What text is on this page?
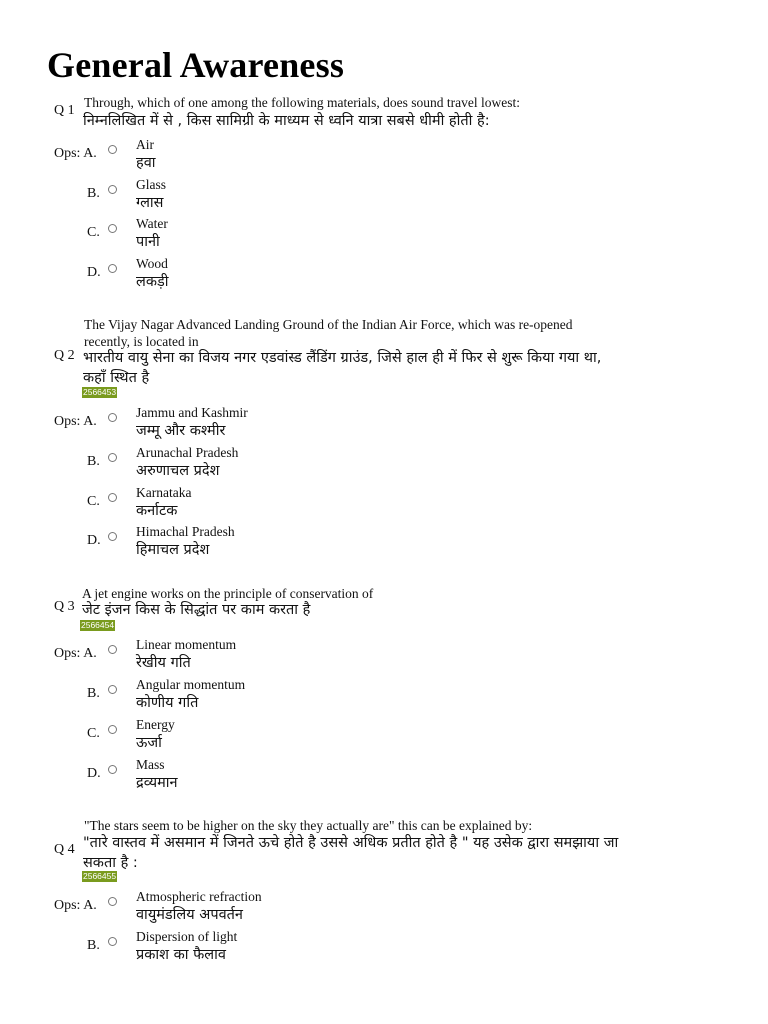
General Awareness
Q 1
Through, which of one among the following materials, does sound travel lowest:
निम्नलिखित में से , किस सामिग्री के माध्यम से ध्वनि यात्रा सबसे धीमी होती है:
Ops: A.
Air
हवा
B.
Glass
ग्लास
C.
Water
पानी
D.
Wood
लकड़ी
The Vijay Nagar Advanced Landing Ground of the Indian Air Force, which was re-opened recently, is located in
Q 2 भारतीय वायु सेना का विजय नगर एडवांस्ड लैंडिंग ग्राउंड, जिसे हाल ही में फिर से शुरू किया गया था, कहाँ स्थित है
2566453
Ops: A.
Jammu and Kashmir
जम्मू और कश्मीर
B.
Arunachal Pradesh
अरुणाचल प्रदेश
C.
Karnataka
कर्नाटक
D.
Himachal Pradesh
हिमाचल प्रदेश
A jet engine works on the principle of conservation of
Q 3 जेट इंजन किस के सिद्धांत पर काम करता है
2566454
Ops: A.
Linear momentum
रेखीय गति
B.
Angular momentum
कोणीय गति
C.
Energy
ऊर्जा
D.
Mass
द्रव्यमान
"The stars seem to be higher on the sky they actually are" this can be explained by:
Q 4 "तारे वास्तव में असमान में जिनते ऊचे होते है उससे अधिक प्रतीत होते है " यह उसेक द्वारा समझाया जा सकता है :
2566455
Ops: A.
Atmospheric refraction
वायुमंडलिय अपवर्तन
B.
Dispersion of light
प्रकाश का फैलाव
